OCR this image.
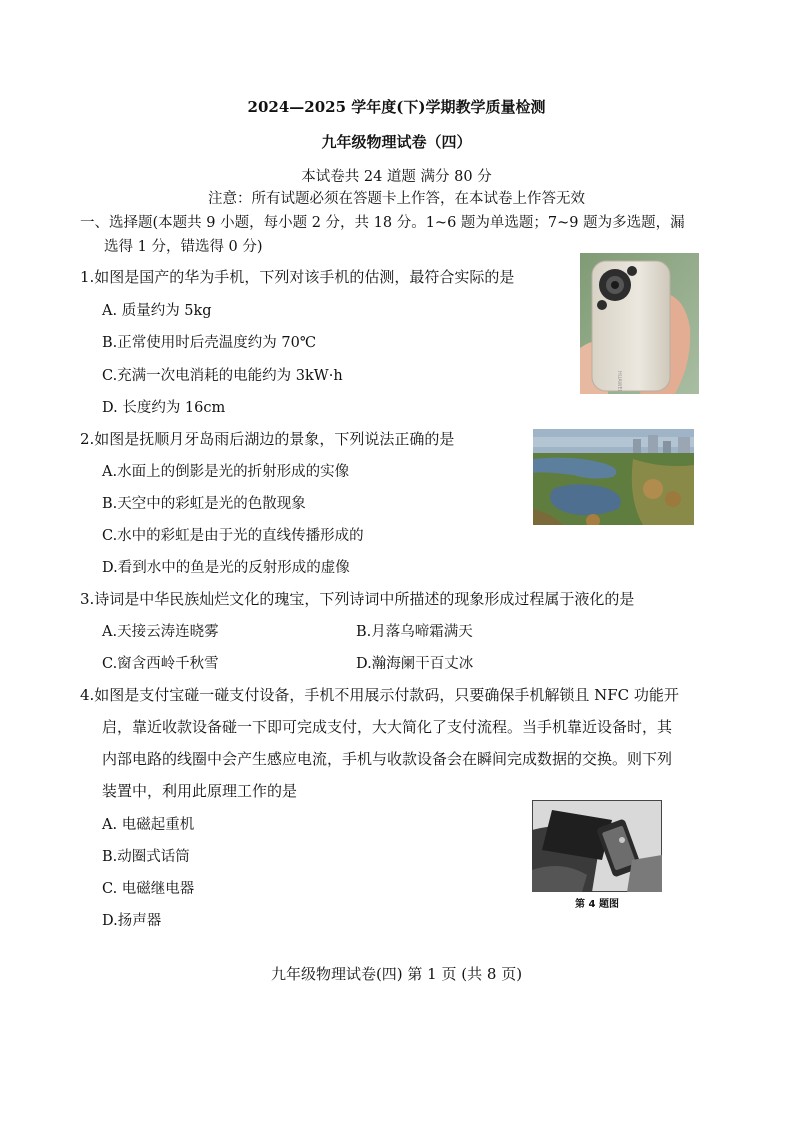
2024—2025 学年度(下)学期教学质量检测
九年级物理试卷（四）
本试卷共 24 道题 满分 80 分
注意：所有试题必须在答题卡上作答，在本试卷上作答无效
一、选择题(本题共 9 小题，每小题 2 分，共 18 分。1~6 题为单选题；7~9 题为多选题，漏
选得 1 分，错选得 0 分)
1.如图是国产的华为手机，下列对该手机的估测，最符合实际的是
A. 质量约为 5kg
B.正常使用时后壳温度约为 70℃
C.充满一次电消耗的电能约为 3kW·h
D. 长度约为 16cm
HUAWEI
2.如图是抚顺月牙岛雨后湖边的景象，下列说法正确的是
A.水面上的倒影是光的折射形成的实像
B.天空中的彩虹是光的色散现象
C.水中的彩虹是由于光的直线传播形成的
D.看到水中的鱼是光的反射形成的虚像
3.诗词是中华民族灿烂文化的瑰宝，下列诗词中所描述的现象形成过程属于液化的是
A.天接云涛连晓雾	B.月落乌啼霜满天
C.窗含西岭千秋雪	D.瀚海阑干百丈冰
4.如图是支付宝碰一碰支付设备，手机不用展示付款码，只要确保手机解锁且 NFC 功能开
启，靠近收款设备碰一下即可完成支付，大大简化了支付流程。当手机靠近设备时，其
内部电路的线圈中会产生感应电流，手机与收款设备会在瞬间完成数据的交换。则下列
装置中，利用此原理工作的是
A. 电磁起重机
B.动圈式话筒
C. 电磁继电器
D.扬声器
第 4 题图
九年级物理试卷(四) 第 1 页 (共 8 页)
